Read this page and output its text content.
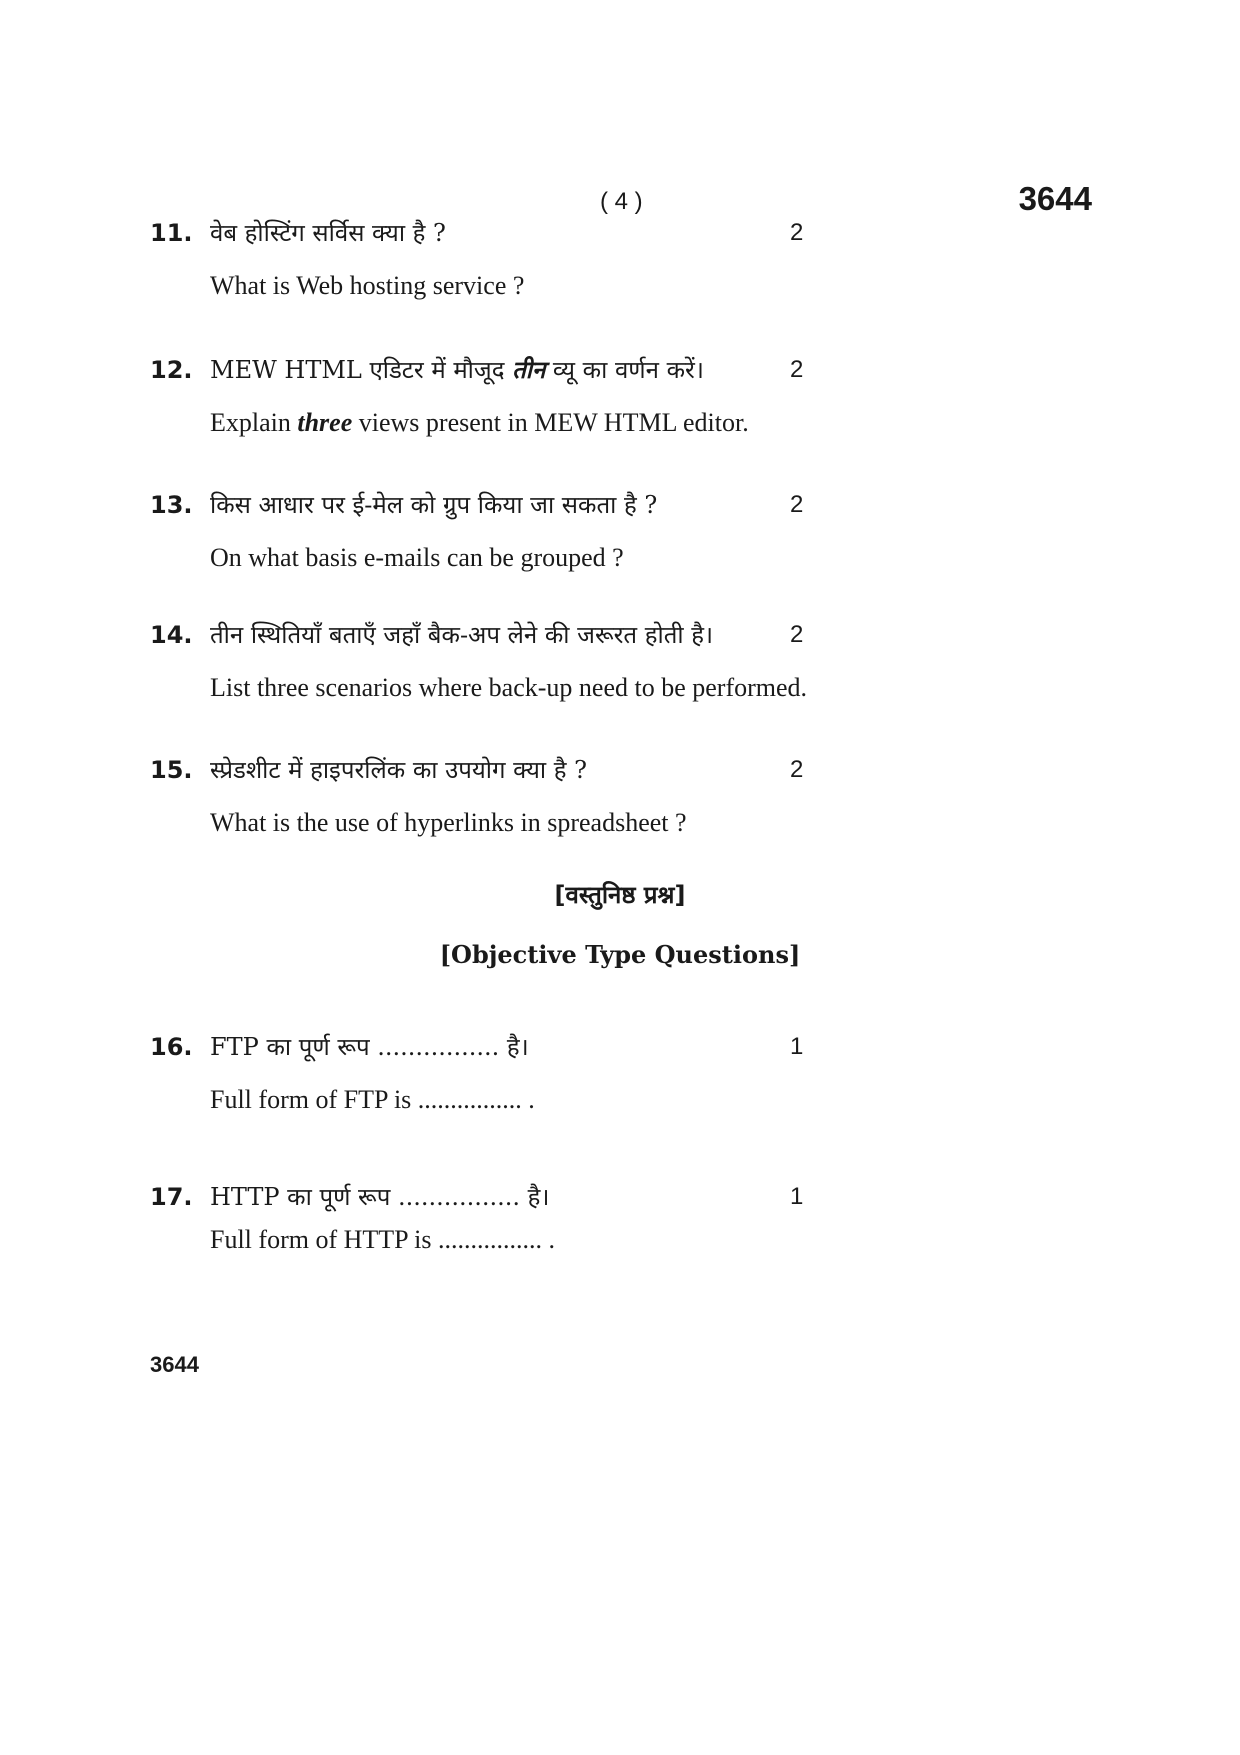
( 4 )	3644
11. वेब होस्टिंग सर्विस क्या है ?	2
What is Web hosting service ?
12. MEW HTML एडिटर में मौजूद तीन व्यू का वर्णन करें।	2
Explain three views present in MEW HTML editor.
13. किस आधार पर ई-मेल को ग्रुप किया जा सकता है ?	2
On what basis e-mails can be grouped ?
14. तीन स्थितियाँ बताएँ जहाँ बैक-अप लेने की जरूरत होती है।	2
List three scenarios where back-up need to be performed.
15. स्प्रेडशीट में हाइपरलिंक का उपयोग क्या है ?	2
What is the use of hyperlinks in spreadsheet ?
[वस्तुनिष्ठ प्रश्न]
[Objective Type Questions]
16. FTP का पूर्ण रूप ................ है।	1
Full form of FTP is ................ .
17. HTTP का पूर्ण रूप ................ है।	1
Full form of HTTP is ................ .
3644
